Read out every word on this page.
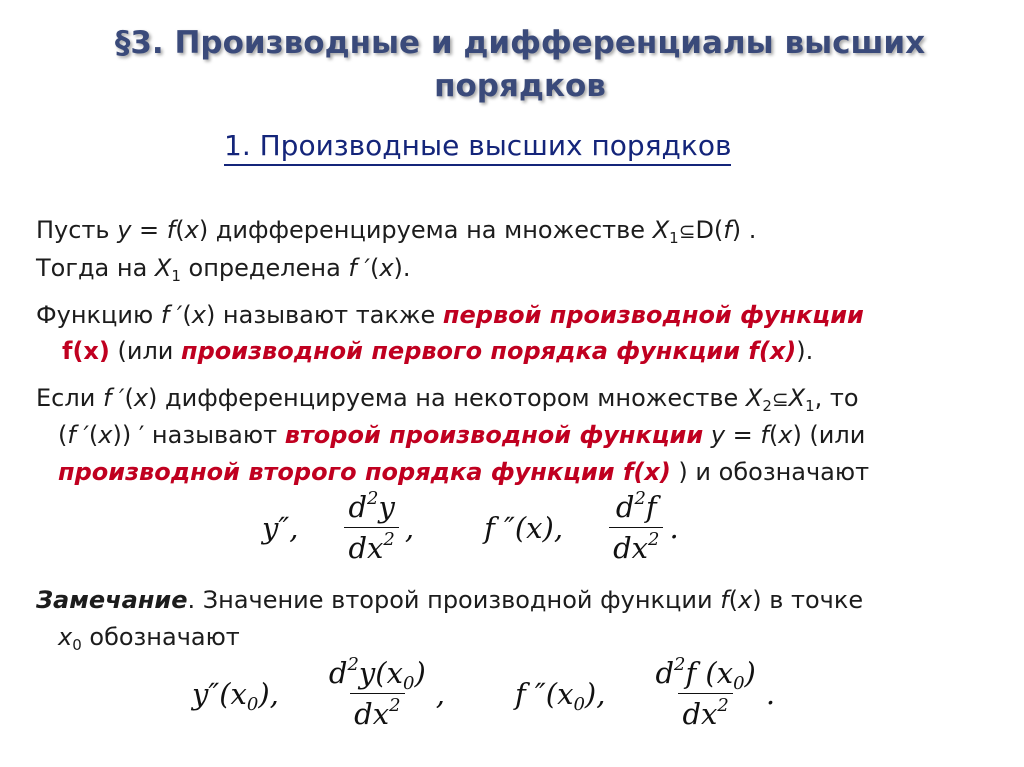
§3. Производные и дифференциалы высших
порядков
1. Производные высших порядков
Пусть y = f(x) дифференцируема на множестве $X_1⊆D(f)$ .
Тогда на $X_1$ определена f ′(x).
Функцию f ′(x) называют также первой производной функции
f(x) (или производной первого порядка функции f(x)).
Если f ′(x) дифференцируема на некотором множестве $X_2⊆X_1$, то
(f ′(x)) ′ называют второй производной функции y = f(x) (или
производной второго порядка функции f(x) ) и обозначают
y″, $\frac{d^2y}{dx^2}$ , f ″(x), $\frac{d^2f}{dx^2}$ .
Замечание. Значение второй производной функции f(x) в точке
$x_0$ обозначают
$y''(x_0)$, $\frac{d^2y(x_0)}{dx^2}$ , f $''(x_0)$, $\frac{d^2f (x_0)}{dx^2}$ .
